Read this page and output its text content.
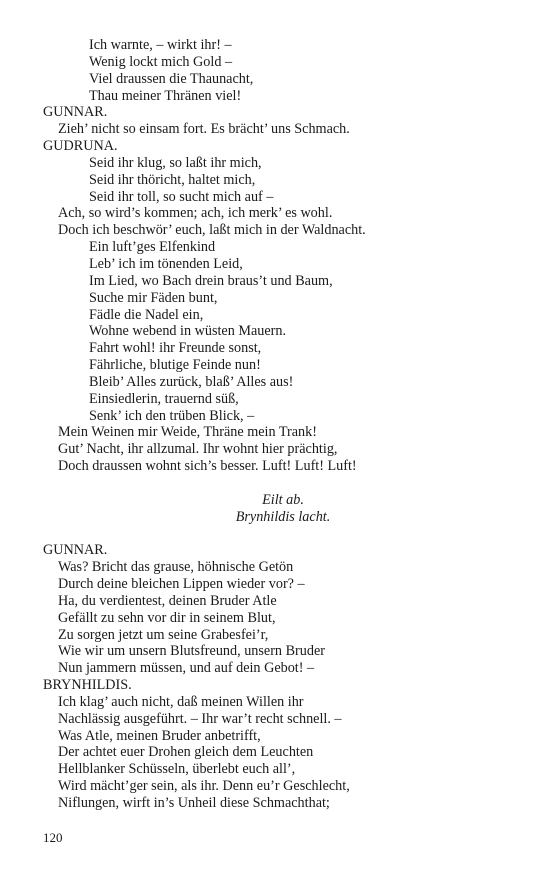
Ich warnte, – wirkt ihr! –
Wenig lockt mich Gold –
Viel draussen die Thaunacht,
Thau meiner Thränen viel!
GUNNAR.
Zieh’ nicht so einsam fort. Es brächt’ uns Schmach.
GUDRUNA.
Seid ihr klug, so laßt ihr mich,
Seid ihr thöricht, haltet mich,
Seid ihr toll, so sucht mich auf –
Ach, so wird’s kommen; ach, ich merk’ es wohl.
Doch ich beschwör’ euch, laßt mich in der Waldnacht.
Ein luft’ges Elfenkind
Leb’ ich im tönenden Leid,
Im Lied, wo Bach drein braus’t und Baum,
Suche mir Fäden bunt,
Fädle die Nadel ein,
Wohne webend in wüsten Mauern.
Fahrt wohl! ihr Freunde sonst,
Fährliche, blutige Feinde nun!
Bleib’ Alles zurück, blaß’ Alles aus!
Einsiedlerin, trauernd süß,
Senk’ ich den trüben Blick, –
Mein Weinen mir Weide, Thräne mein Trank!
Gut’ Nacht, ihr allzumal. Ihr wohnt hier prächtig,
Doch draussen wohnt sich’s besser. Luft! Luft! Luft!
Eilt ab.
Brynhildis lacht.
GUNNAR.
Was? Bricht das grause, höhnische Getön
Durch deine bleichen Lippen wieder vor? –
Ha, du verdientest, deinen Bruder Atle
Gefällt zu sehn vor dir in seinem Blut,
Zu sorgen jetzt um seine Grabesfei’r,
Wie wir um unsern Blutsfreund, unsern Bruder
Nun jammern müssen, und auf dein Gebot! –
BRYNHILDIS.
Ich klag’ auch nicht, daß meinen Willen ihr
Nachlässig ausgeführt. – Ihr war’t recht schnell. –
Was Atle, meinen Bruder anbetrifft,
Der achtet euer Drohen gleich dem Leuchten
Hellblanker Schüsseln, überlebt euch all’,
Wird mächt’ger sein, als ihr. Denn eu’r Geschlecht,
Niflungen, wirft in’s Unheil diese Schmachthat;
120
